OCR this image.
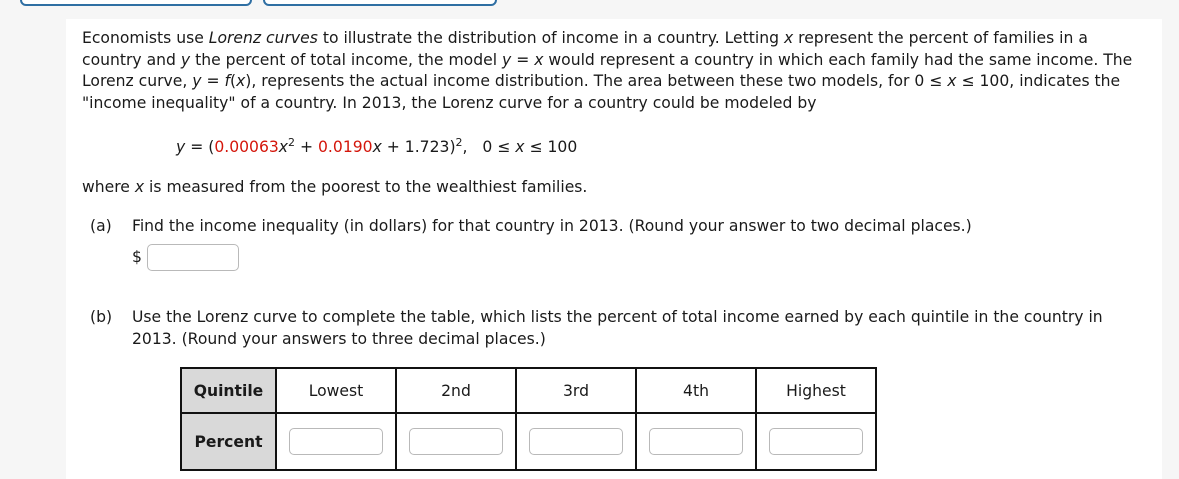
Economists use Lorenz curves to illustrate the distribution of income in a country. Letting x represent the percent of families in a country and y the percent of total income, the model y = x would represent a country in which each family had the same income. The Lorenz curve, y = f(x), represents the actual income distribution. The area between these two models, for 0 ≤ x ≤ 100, indicates the "income inequality" of a country. In 2013, the Lorenz curve for a country could be modeled by
$y = (0.00063x^2 + 0.0190x + 1.723)^2$,   0 ≤ x ≤ 100
where x is measured from the poorest to the wealthiest families.
(a) Find the income inequality (in dollars) for that country in 2013. (Round your answer to two decimal places.)
$
(b) Use the Lorenz curve to complete the table, which lists the percent of total income earned by each quintile in the country in
2013. (Round your answers to three decimal places.)
Quintile	Lowest	2nd	3rd	4th	Highest
Percent					
